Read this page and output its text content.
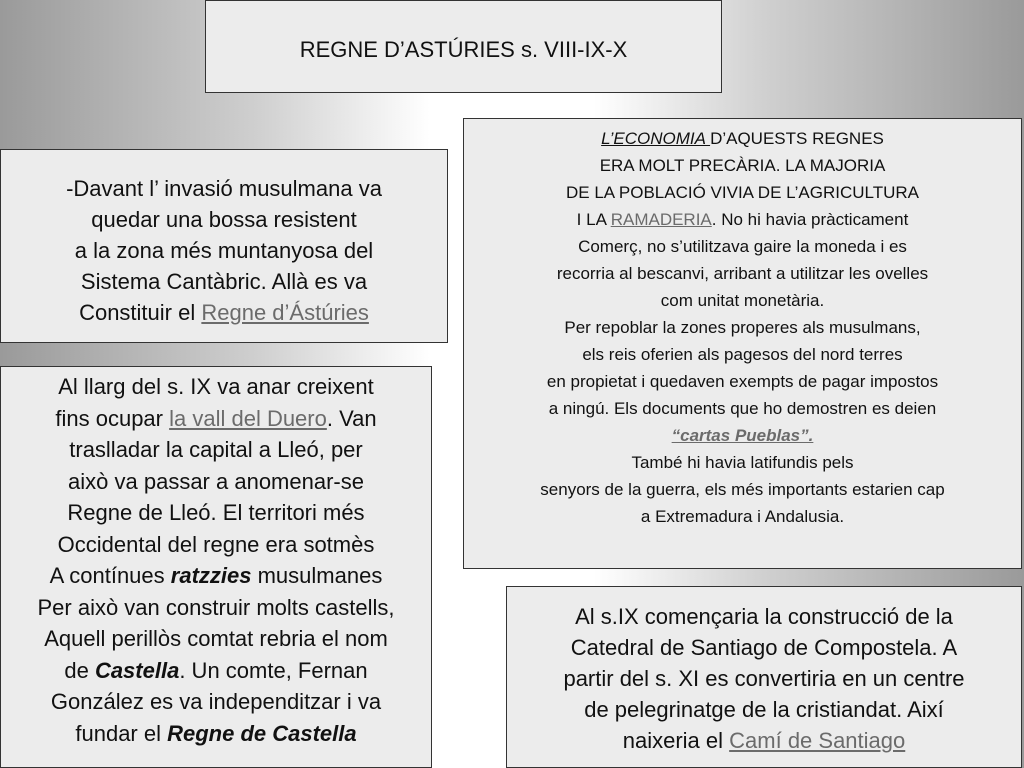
REGNE D’ASTÚRIES s. VIII-IX-X
-Davant l’ invasió musulmana va
quedar una bossa resistent
a la zona més muntanyosa del
Sistema Cantàbric. Allà es va
Constituir el Regne d’Ástúries
L’ECONOMIA D’AQUESTS REGNES
ERA MOLT PRECÀRIA. LA MAJORIA
DE LA POBLACIÓ VIVIA DE L’AGRICULTURA
I LA RAMADERIA. No hi havia pràcticament
Comerç, no s’utilitzava gaire la moneda i es
recorria al bescanvi, arribant a utilitzar les ovelles
com unitat monetària.
Per repoblar la zones properes als musulmans,
els reis oferien als pagesos del nord terres
en propietat i quedaven exempts de pagar impostos
a ningú. Els documents que ho demostren es deien
“cartas Pueblas”.
També hi havia latifundis pels
senyors de la guerra, els més importants estarien cap
a Extremadura i Andalusia.
Al llarg del s. IX va anar creixent
fins ocupar la vall del Duero. Van
traslladar la capital a Lleó, per
això va passar a anomenar-se
Regne de Lleó. El territori més
Occidental del regne era sotmès
A contínues ratzzies musulmanes
Per això van construir molts castells,
Aquell perillòs comtat rebria el nom
de Castella. Un comte, Fernan
González es va independitzar i va
fundar el Regne de Castella
Al s.IX començaria la construcció de la
Catedral de Santiago de Compostela. A
partir del s. XI es convertiria en un centre
de pelegrinatge de la cristiandat. Així
naixeria el Camí de Santiago
